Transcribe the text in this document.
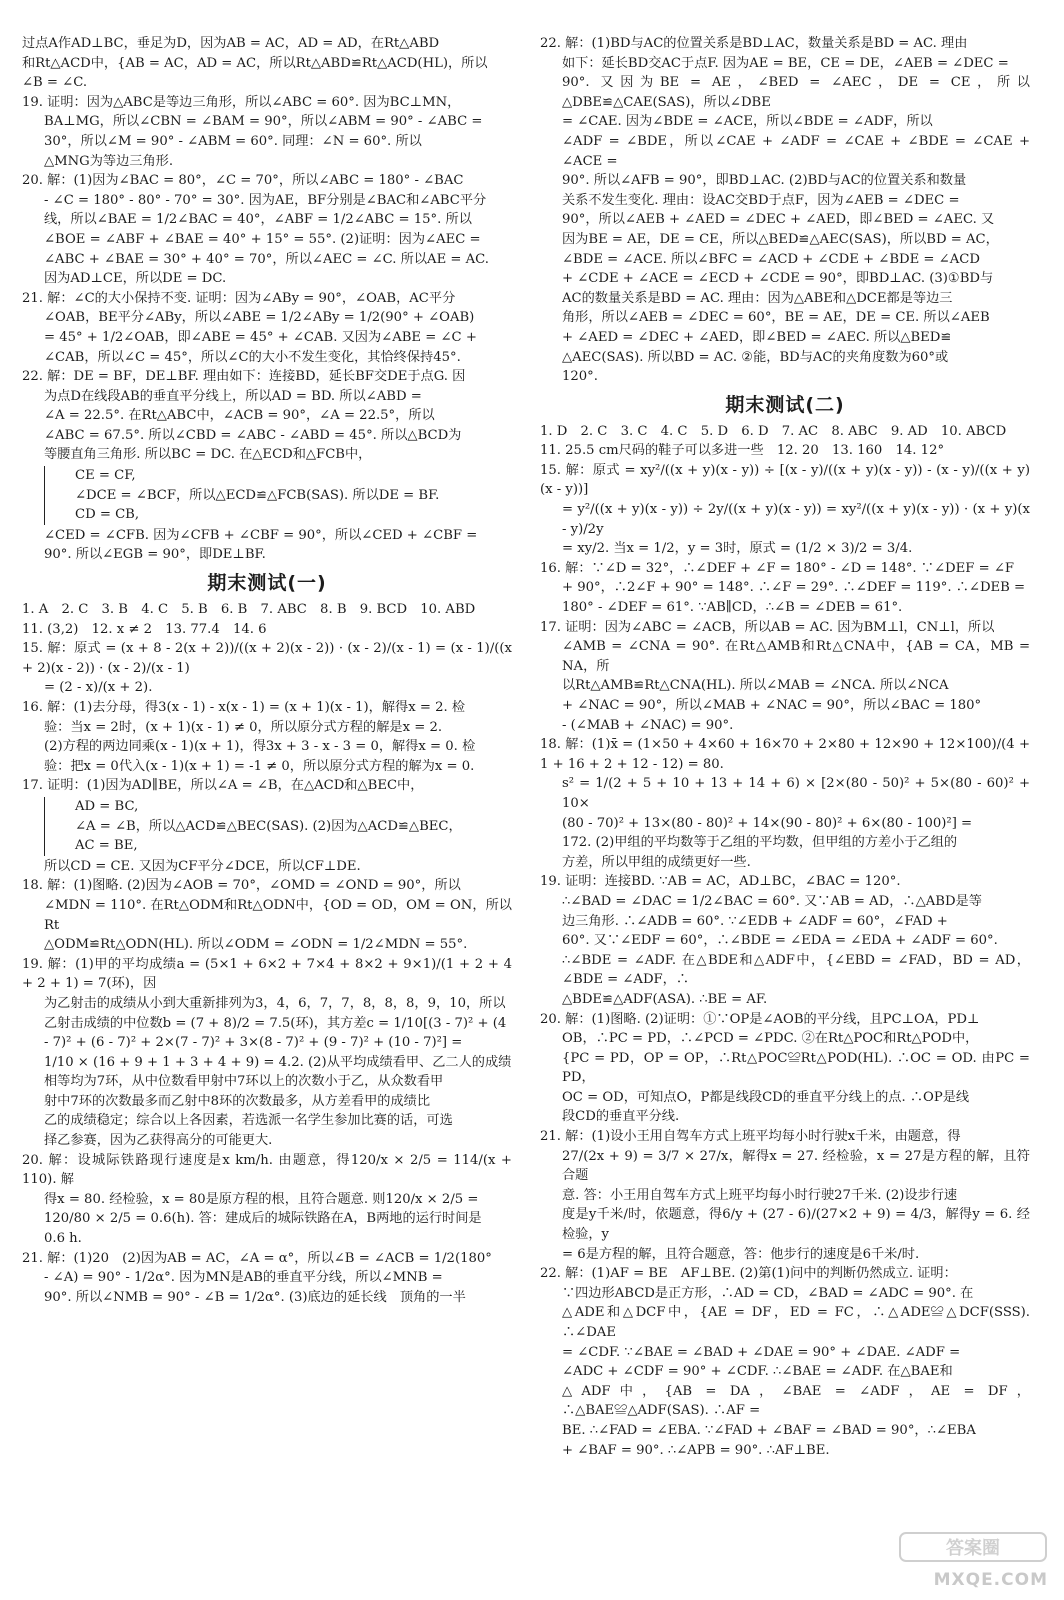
过点A作AD⊥BC，垂足为D，因为AB = AC，AD = AD，在Rt△ABD

和Rt△ACD中，{AB = AC，AD = AC，所以Rt△ABD≌Rt△ACD(HL)，所以

∠B = ∠C.

19. 证明：因为△ABC是等边三角形，所以∠ABC = 60°. 因为BC⊥MN，

BA⊥MG，所以∠CBN = ∠BAM = 90°，所以∠ABM = 90° - ∠ABC =

30°，所以∠M = 90° - ∠ABM = 60°. 同理：∠N = 60°. 所以

△MNG为等边三角形.

20. 解：(1)因为∠BAC = 80°，∠C = 70°，所以∠ABC = 180° - ∠BAC

- ∠C = 180° - 80° - 70° = 30°. 因为AE，BF分别是∠BAC和∠ABC平分

线，所以∠BAE = 1/2∠BAC = 40°，∠ABF = 1/2∠ABC = 15°. 所以

∠BOE = ∠ABF + ∠BAE = 40° + 15° = 55°. (2)证明：因为∠AEC =

∠ABC + ∠BAE = 30° + 40° = 70°，所以∠AEC = ∠C. 所以AE = AC.

因为AD⊥CE，所以DE = DC.

21. 解：∠C的大小保持不变. 证明：因为∠ABy = 90°，∠OAB，AC平分

∠OAB，BE平分∠ABy，所以∠ABE = 1/2∠ABy = 1/2(90° + ∠OAB)

= 45° + 1/2∠OAB，即∠ABE = 45° + ∠CAB. 又因为∠ABE = ∠C +

∠CAB，所以∠C = 45°，所以∠C的大小不发生变化，其恰终保持45°.

22. 解：DE = BF，DE⊥BF. 理由如下：连接BD，延长BF交DE于点G. 因

为点D在线段AB的垂直平分线上，所以AD = BD. 所以∠ABD =

∠A = 22.5°. 在Rt△ABC中，∠ACB = 90°，∠A = 22.5°，所以

∠ABC = 67.5°. 所以∠CBD = ∠ABC - ∠ABD = 45°. 所以△BCD为

等腰直角三角形. 所以BC = DC. 在△ECD和△FCB中，

CE = CF,

∠DCE = ∠BCF，所以△ECD≌△FCB(SAS). 所以DE = BF.

CD = CB,

∠CED = ∠CFB. 因为∠CFB + ∠CBF = 90°，所以∠CED + ∠CBF =

90°. 所以∠EGB = 90°，即DE⊥BF.

期末测试(一)

1. A　2. C　3. B　4. C　5. B　6. B　7. ABC　8. B　9. BCD　10. ABD

11. (3,2)　12. x ≠ 2　13. 77.4　14. 6

15. 解：原式 = (x + 8 - 2(x + 2))/((x + 2)(x - 2)) · (x - 2)/(x - 1) = (x - 1)/((x + 2)(x - 2)) · (x - 2)/(x - 1)

= (2 - x)/(x + 2).

16. 解：(1)去分母，得3(x - 1) - x(x - 1) = (x + 1)(x - 1)，解得x = 2. 检

验：当x = 2时，(x + 1)(x - 1) ≠ 0，所以原分式方程的解是x = 2.

(2)方程的两边同乘(x - 1)(x + 1)，得3x + 3 - x - 3 = 0，解得x = 0. 检

验：把x = 0代入(x - 1)(x + 1) = -1 ≠ 0，所以原分式方程的解为x = 0.

17. 证明：(1)因为AD∥BE，所以∠A = ∠B，在△ACD和△BEC中，

AD = BC,

∠A = ∠B，所以△ACD≌△BEC(SAS). (2)因为△ACD≌△BEC，

AC = BE,

所以CD = CE. 又因为CF平分∠DCE，所以CF⊥DE.

18. 解：(1)图略. (2)因为∠AOB = 70°，∠OMD = ∠OND = 90°，所以

∠MDN = 110°. 在Rt△ODM和Rt△ODN中，{OD = OD，OM = ON，所以Rt

△ODM≌Rt△ODN(HL). 所以∠ODM = ∠ODN = 1/2∠MDN = 55°.

19. 解：(1)甲的平均成绩a = (5×1 + 6×2 + 7×4 + 8×2 + 9×1)/(1 + 2 + 4 + 2 + 1) = 7(环)，因

为乙射击的成绩从小到大重新排列为3，4，6，7，7，8，8，8，9，10，所以

乙射击成绩的中位数b = (7 + 8)/2 = 7.5(环)，其方差c = 1/10[(3 - 7)² + (4

- 7)² + (6 - 7)² + 2×(7 - 7)² + 3×(8 - 7)² + (9 - 7)² + (10 - 7)²] =

1/10 × (16 + 9 + 1 + 3 + 4 + 9) = 4.2. (2)从平均成绩看甲、乙二人的成绩

相等均为7环，从中位数看甲射中7环以上的次数小于乙，从众数看甲

射中7环的次数最多而乙射中8环的次数最多，从方差看甲的成绩比

乙的成绩稳定；综合以上各因素，若选派一名学生参加比赛的话，可选

择乙参赛，因为乙获得高分的可能更大.

20. 解：设城际铁路现行速度是x km/h. 由题意，得120/x × 2/5 = 114/(x + 110). 解

得x = 80. 经检验，x = 80是原方程的根，且符合题意. 则120/x × 2/5 =

120/80 × 2/5 = 0.6(h). 答：建成后的城际铁路在A，B两地的运行时间是

0.6 h.

21. 解：(1)20　(2)因为AB = AC，∠A = α°，所以∠B = ∠ACB = 1/2(180°

- ∠A) = 90° - 1/2α°. 因为MN是AB的垂直平分线，所以∠MNB =

90°. 所以∠NMB = 90° - ∠B = 1/2α°. (3)底边的延长线　顶角的一半

22. 解：(1)BD与AC的位置关系是BD⊥AC，数量关系是BD = AC. 理由

如下：延长BD交AC于点F. 因为AE = BE，CE = DE，∠AEB = ∠DEC =

90°. 又因为BE = AE，∠BED = ∠AEC，DE = CE，所以△DBE≌△CAE(SAS)，所以∠DBE

= ∠CAE. 因为∠BDE = ∠ACE，所以∠BDE = ∠ADF，所以

∠ADF = ∠BDE，所以∠CAE + ∠ADF = ∠CAE + ∠BDE = ∠CAE + ∠ACE =

90°. 所以∠AFB = 90°，即BD⊥AC. (2)BD与AC的位置关系和数量

关系不发生变化. 理由：设AC交BD于点F，因为∠AEB = ∠DEC =

90°，所以∠AEB + ∠AED = ∠DEC + ∠AED，即∠BED = ∠AEC. 又

因为BE = AE，DE = CE，所以△BED≌△AEC(SAS)，所以BD = AC，

∠BDE = ∠ACE. 所以∠BFC = ∠ACD + ∠CDE + ∠BDE = ∠ACD

+ ∠CDE + ∠ACE = ∠ECD + ∠CDE = 90°，即BD⊥AC. (3)①BD与

AC的数量关系是BD = AC. 理由：因为△ABE和△DCE都是等边三

角形，所以∠AEB = ∠DEC = 60°，BE = AE，DE = CE. 所以∠AEB

+ ∠AED = ∠DEC + ∠AED，即∠BED = ∠AEC. 所以△BED≌

△AEC(SAS). 所以BD = AC. ②能，BD与AC的夹角度数为60°或

120°.

期末测试(二)

1. D　2. C　3. C　4. C　5. D　6. D　7. AC　8. ABC　9. AD　10. ABCD

11. 25.5 cm尺码的鞋子可以多进一些　12. 20　13. 160　14. 12°

15. 解：原式 = xy²/((x + y)(x - y)) ÷ [(x - y)/((x + y)(x - y)) - (x - y)/((x + y)(x - y))]

= y²/((x + y)(x - y)) ÷ 2y/((x + y)(x - y)) = xy²/((x + y)(x - y)) · (x + y)(x - y)/2y

= xy/2. 当x = 1/2，y = 3时，原式 = (1/2 × 3)/2 = 3/4.

16. 解：∵∠D = 32°，∴∠DEF + ∠F = 180° - ∠D = 148°. ∵∠DEF = ∠F

+ 90°，∴2∠F + 90° = 148°. ∴∠F = 29°. ∴∠DEF = 119°. ∴∠DEB =

180° - ∠DEF = 61°. ∵AB∥CD，∴∠B = ∠DEB = 61°.

17. 证明：因为∠ABC = ∠ACB，所以AB = AC. 因为BM⊥l，CN⊥l，所以

∠AMB = ∠CNA = 90°. 在Rt△AMB和Rt△CNA中，{AB = CA，MB = NA，所

以Rt△AMB≌Rt△CNA(HL). 所以∠MAB = ∠NCA. 所以∠NCA

+ ∠NAC = 90°，所以∠MAB + ∠NAC = 90°，所以∠BAC = 180°

- (∠MAB + ∠NAC) = 90°.

18. 解：(1)x̄ = (1×50 + 4×60 + 16×70 + 2×80 + 12×90 + 12×100)/(4 + 1 + 16 + 2 + 12 - 12) = 80.

s² = 1/(2 + 5 + 10 + 13 + 14 + 6) × [2×(80 - 50)² + 5×(80 - 60)² + 10×

(80 - 70)² + 13×(80 - 80)² + 14×(90 - 80)² + 6×(80 - 100)²] =

172. (2)甲组的平均数等于乙组的平均数，但甲组的方差小于乙组的

方差，所以甲组的成绩更好一些.

19. 证明：连接BD. ∵AB = AC，AD⊥BC，∠BAC = 120°.

∴∠BAD = ∠DAC = 1/2∠BAC = 60°. 又∵AB = AD，∴△ABD是等

边三角形. ∴∠ADB = 60°. ∵∠EDB + ∠ADF = 60°，∠FAD +

60°. 又∵∠EDF = 60°，∴∠BDE = ∠EDA = ∠EDA + ∠ADF = 60°.

∴∠BDE = ∠ADF. 在△BDE和△ADF中，{∠EBD = ∠FAD，BD = AD，∠BDE = ∠ADF，∴

△BDE≌△ADF(ASA). ∴BE = AF.

20. 解：(1)图略. (2)证明：①∵OP是∠AOB的平分线，且PC⊥OA，PD⊥

OB，∴PC = PD，∴∠PCD = ∠PDC. ②在Rt△POC和Rt△POD中，

{PC = PD，OP = OP，∴Rt△POC≌Rt△POD(HL). ∴OC = OD. 由PC = PD，

OC = OD，可知点O，P都是线段CD的垂直平分线上的点. ∴OP是线

段CD的垂直平分线.

21. 解：(1)设小王用自驾车方式上班平均每小时行驶x千米，由题意，得

27/(2x + 9) = 3/7 × 27/x，解得x = 27. 经检验，x = 27是方程的解，且符合题

意. 答：小王用自驾车方式上班平均每小时行驶27千米. (2)设步行速

度是y千米/时，依题意，得6/y + (27 - 6)/(27×2 + 9) = 4/3，解得y = 6. 经检验，y

= 6是方程的解，且符合题意，答：他步行的速度是6千米/时.

22. 解：(1)AF = BE　AF⊥BE. (2)第(1)问中的判断仍然成立. 证明：

∵四边形ABCD是正方形，∴AD = CD，∠BAD = ∠ADC = 90°. 在

△ADE和△DCF中，{AE = DF，ED = FC，∴△ADE≌△DCF(SSS). ∴∠DAE

= ∠CDF. ∵∠BAE = ∠BAD + ∠DAE = 90° + ∠DAE. ∠ADF =

∠ADC + ∠CDF = 90° + ∠CDF. ∴∠BAE = ∠ADF. 在△BAE和

△ADF中，{AB = DA，∠BAE = ∠ADF，AE = DF，∴△BAE≌△ADF(SAS). ∴AF =

BE. ∴∠FAD = ∠EBA. ∵∠FAD + ∠BAF = ∠BAD = 90°，∴∠EBA

+ ∠BAF = 90°. ∴∠APB = 90°. ∴AF⊥BE.

答案圈
MXQE.COM
